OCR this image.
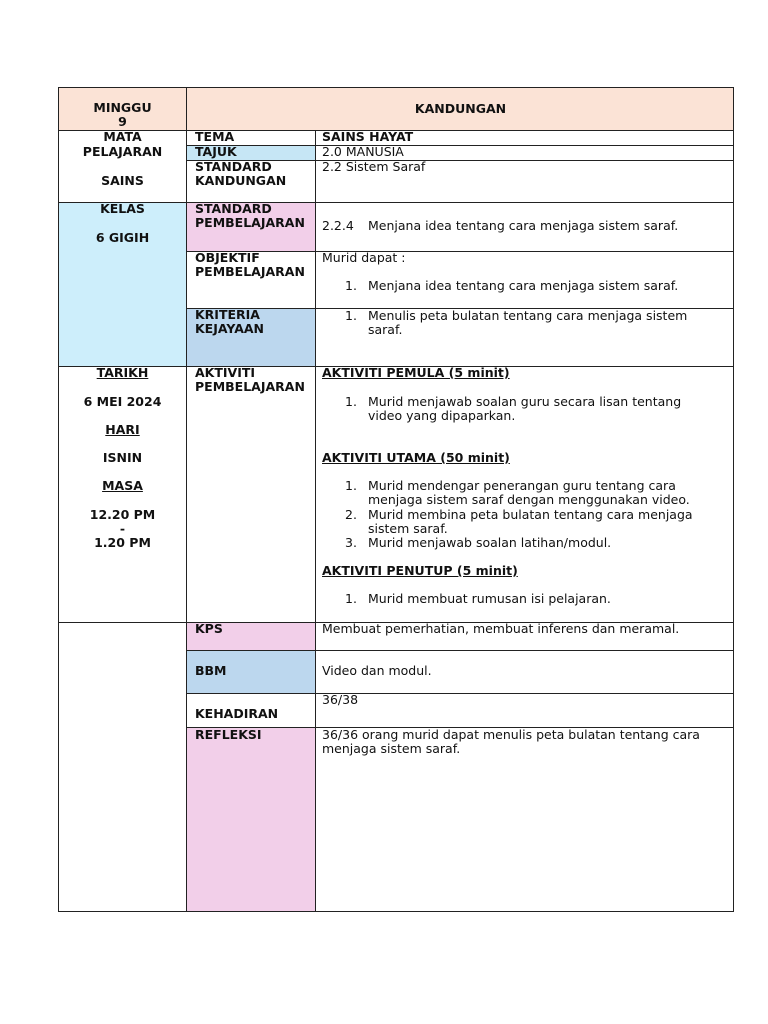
MINGGU
9
KANDUNGAN
MATA
PELAJARAN
SAINS
KELAS
6 GIGIH
TARIKH
6 MEI 2024
HARI
ISNIN
MASA
12.20 PM
-
1.20 PM
TEMA
TAJUK
STANDARD
KANDUNGAN
STANDARD
PEMBELAJARAN
OBJEKTIF
PEMBELAJARAN
KRITERIA
KEJAYAAN
AKTIVITI
PEMBELAJARAN
KPS
BBM
KEHADIRAN
REFLEKSI
SAINS HAYAT
2.0 MANUSIA
2.2 Sistem Saraf
2.2.4 Menjana idea tentang cara menjaga sistem saraf.
Murid dapat :
1. Menjana idea tentang cara menjaga sistem saraf.
1. Menulis peta bulatan tentang cara menjaga sistem
saraf.
AKTIVITI PEMULA (5 minit)
1. Murid menjawab soalan guru secara lisan tentang
video yang dipaparkan.
AKTIVITI UTAMA (50 minit)
1. Murid mendengar penerangan guru tentang cara
menjaga sistem saraf dengan menggunakan video.
2. Murid membina peta bulatan tentang cara menjaga
sistem saraf.
3. Murid menjawab soalan latihan/modul.
AKTIVITI PENUTUP (5 minit)
1. Murid membuat rumusan isi pelajaran.
Membuat pemerhatian, membuat inferens dan meramal.
Video dan modul.
36/38
36/36 orang murid dapat menulis peta bulatan tentang cara
menjaga sistem saraf.
